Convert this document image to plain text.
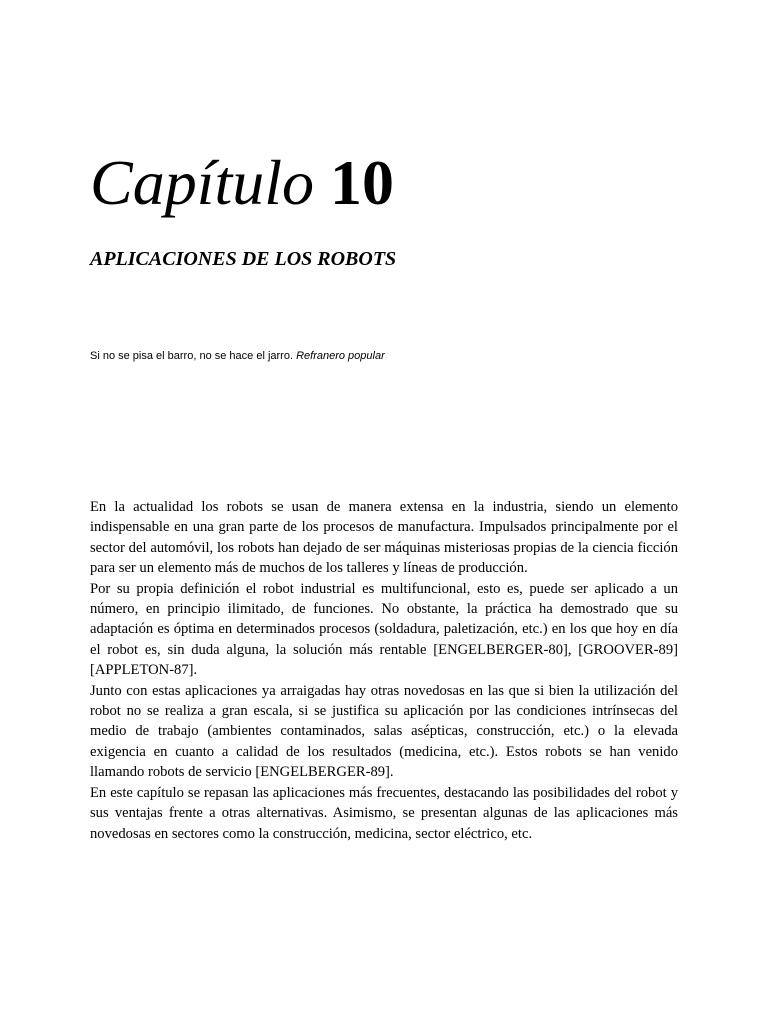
Capítulo 10
APLICACIONES DE LOS ROBOTS
Si no se pisa el barro, no se hace el jarro. Refranero popular

En la actualidad los robots se usan de manera extensa en la industria, siendo un elemento indispensable en una gran parte de los procesos de manufactura. Impulsados principalmente por el sector del automóvil, los robots han dejado de ser máquinas misteriosas propias de la ciencia ficción para ser un elemento más de muchos de los talleres y líneas de producción.

Por su propia definición el robot industrial es multifuncional, esto es, puede ser aplicado a un número, en principio ilimitado, de funciones. No obstante, la práctica ha demostrado que su adaptación es óptima en determinados procesos (soldadura, paletización, etc.) en los que hoy en día el robot es, sin duda alguna, la solución más rentable [ENGELBERGER-80], [GROOVER-89] [APPLETON-87].

Junto con estas aplicaciones ya arraigadas hay otras novedosas en las que si bien la utilización del robot no se realiza a gran escala, si se justifica su aplicación por las condiciones intrínsecas del medio de trabajo (ambientes contaminados, salas asépticas, construcción, etc.) o la elevada exigencia en cuanto a calidad de los resultados (medicina, etc.). Estos robots se han venido llamando robots de servicio [ENGELBERGER-89].

En este capítulo se repasan las aplicaciones más frecuentes, destacando las posibilidades del robot y sus ventajas frente a otras alternativas. Asimismo, se presentan algunas de las aplicaciones más novedosas en sectores como la construcción, medicina, sector eléctrico, etc.
